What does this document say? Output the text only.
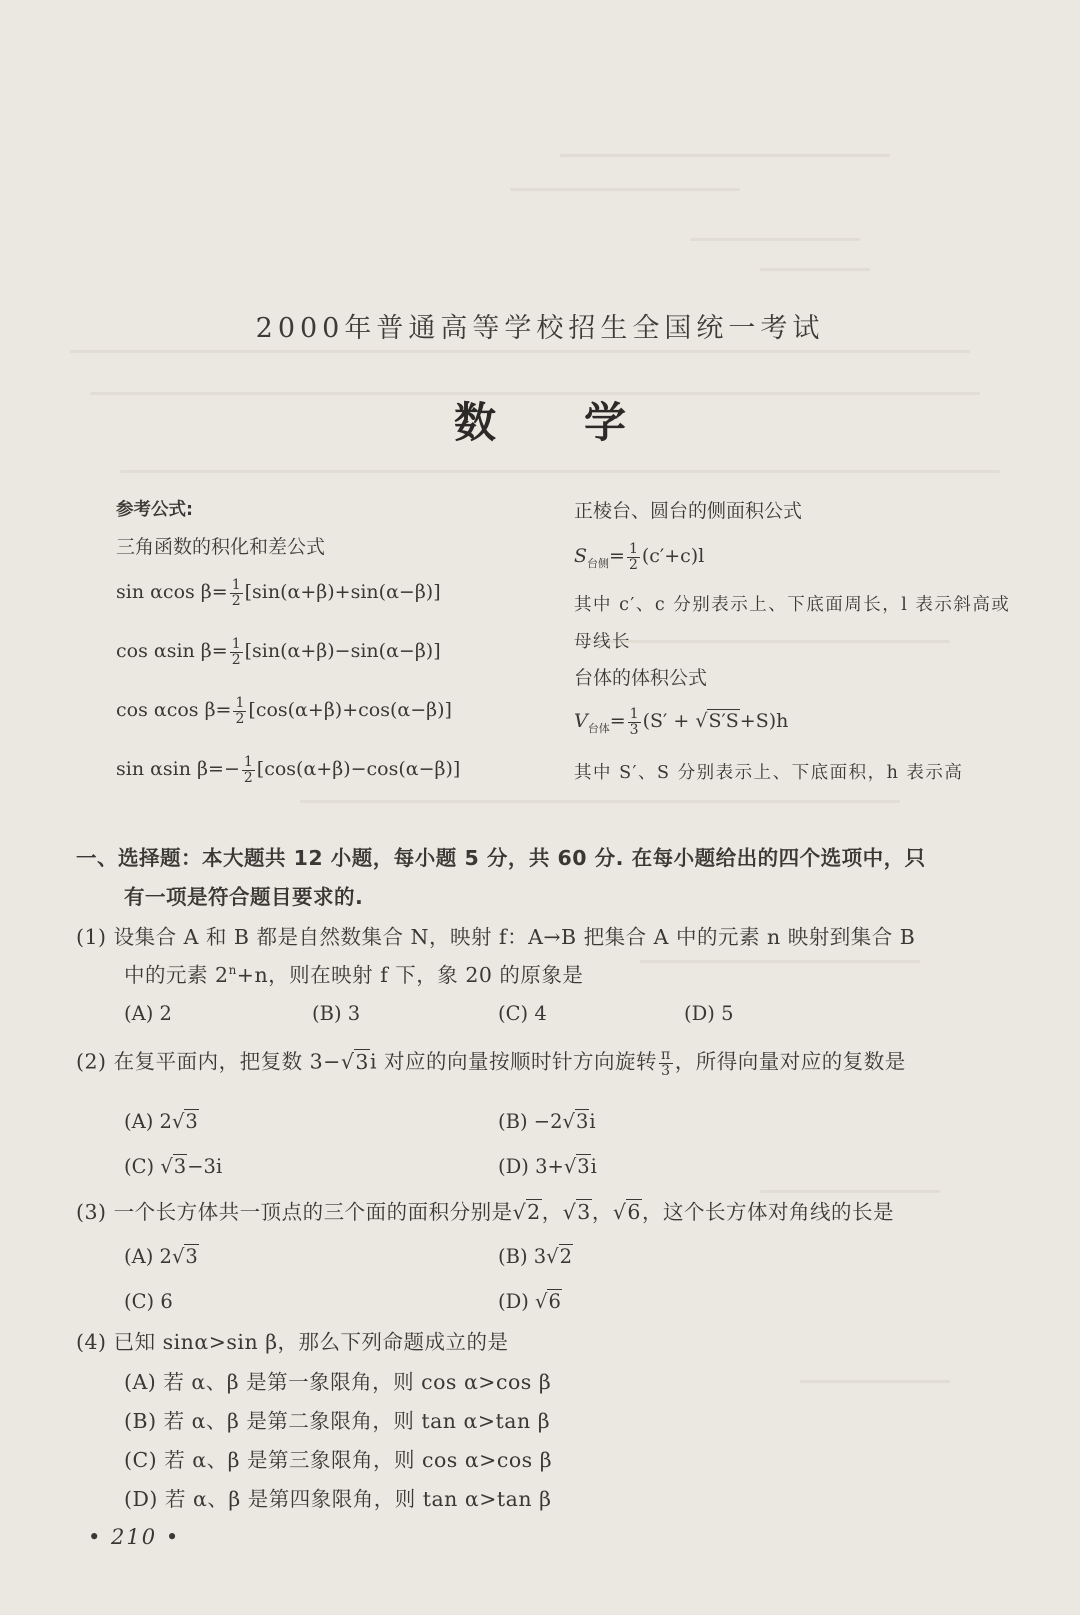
2000年普通高等学校招生全国统一考试
数 学
参考公式:
三角函数的积化和差公式
sin αcos $\beta= \frac{1}{2} [\sin(\alpha+\beta)+\sin(\alpha-\beta)]$
cos αsin $\beta= \frac{1}{2} [\sin(\alpha+\beta)-\sin(\alpha-\beta)]$
cos αcos $\beta= \frac{1}{2} [\cos(\alpha+\beta)+\cos(\alpha-\beta)]$
sin αsin $\beta=- \frac{1}{2} [\cos(\alpha+\beta)-\cos(\alpha-\beta)]$
正棱台、圆台的侧面积公式
$S_{台侧}= \frac{1}{2} (c'+c)l$
其中 c′、c 分别表示上、下底面周长，l 表示斜高或
母线长
台体的体积公式
$V_{台体}= \frac{1}{3} (S' + √S'S+S)h$
其中 S′、S 分别表示上、下底面积，h 表示高
一、选择题：本大题共 12 小题，每小题 5 分，共 60 分. 在每小题给出的四个选项中，只
有一项是符合题目要求的.
(1) 设集合 A 和 B 都是自然数集合 N，映射 f：A→B 把集合 A 中的元素 n 映射到集合 B
中的元素 $2^n+n$，则在映射 f 下，象 20 的原象是
(A) 2	(B) 3	(C) 4	(D) 5
(2) 在复平面内，把复数 3−√3i 对应的向量按顺时针方向旋转 $\frac{\pi}{3}$ ，所得向量对应的复数是
(A) 2√3	(B) −2√3i
(C) √3−3i	(D) 3+√3i
(3) 一个长方体共一顶点的三个面的面积分别是√2，√3，√6，这个长方体对角线的长是
(A) 2√3	(B) 3√2
(C) 6	(D) √6
(4) 已知 sinα>sin β，那么下列命题成立的是
(A) 若 α、β 是第一象限角，则 cos α>cos β
(B) 若 α、β 是第二象限角，则 tan α>tan β
(C) 若 α、β 是第三象限角，则 cos α>cos β
(D) 若 α、β 是第四象限角，则 tan α>tan β
• 210 •
